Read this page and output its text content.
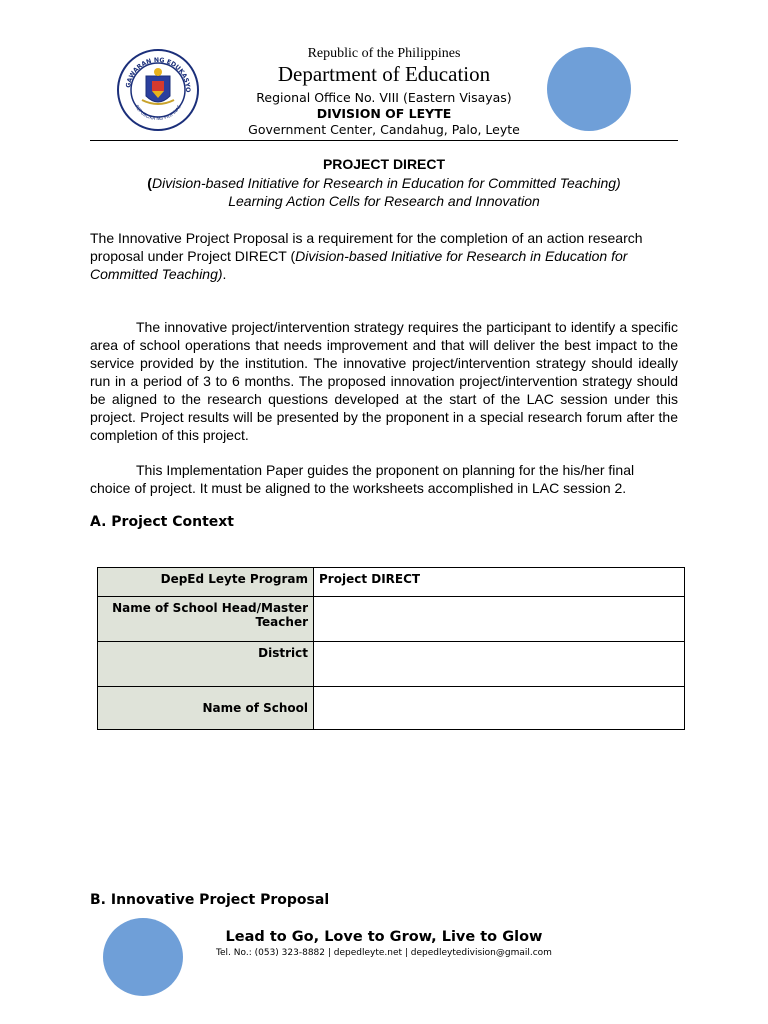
GAWARAN NG EDUKASYO
REPUBLIKA NG PILIPINAS
Republic of the Philippines
Department of Education
Regional Office No. VIII (Eastern Visayas)
DIVISION OF LEYTE
Government Center, Candahug, Palo, Leyte
PROJECT DIRECT
(Division-based Initiative for Research in Education for Committed Teaching)
Learning Action Cells for Research and Innovation
The Innovative Project Proposal is a requirement for the completion of an action research proposal under Project DIRECT (Division-based Initiative for Research in Education for Committed Teaching).
The innovative project/intervention strategy requires the participant to identify a specific area of school operations that needs improvement and that will deliver the best impact to the service provided by the institution. The innovative project/intervention strategy should ideally run in a period of 3 to 6 months. The proposed innovation project/intervention strategy should be aligned to the research questions developed at the start of the LAC session under this project. Project results will be presented by the proponent in a special research forum after the completion of this project.
This Implementation Paper guides the proponent on planning for the his/her final choice of project. It must be aligned to the worksheets accomplished in LAC session 2.
A. Project Context
DepEd Leyte Program	Project DIRECT
Name of School Head/Master Teacher	
District	
Name of School	
B. Innovative Project Proposal
Lead to Go, Love to Grow, Live to Glow
Tel. No.: (053) 323-8882 | depedleyte.net | depedleytedivision@gmail.com
